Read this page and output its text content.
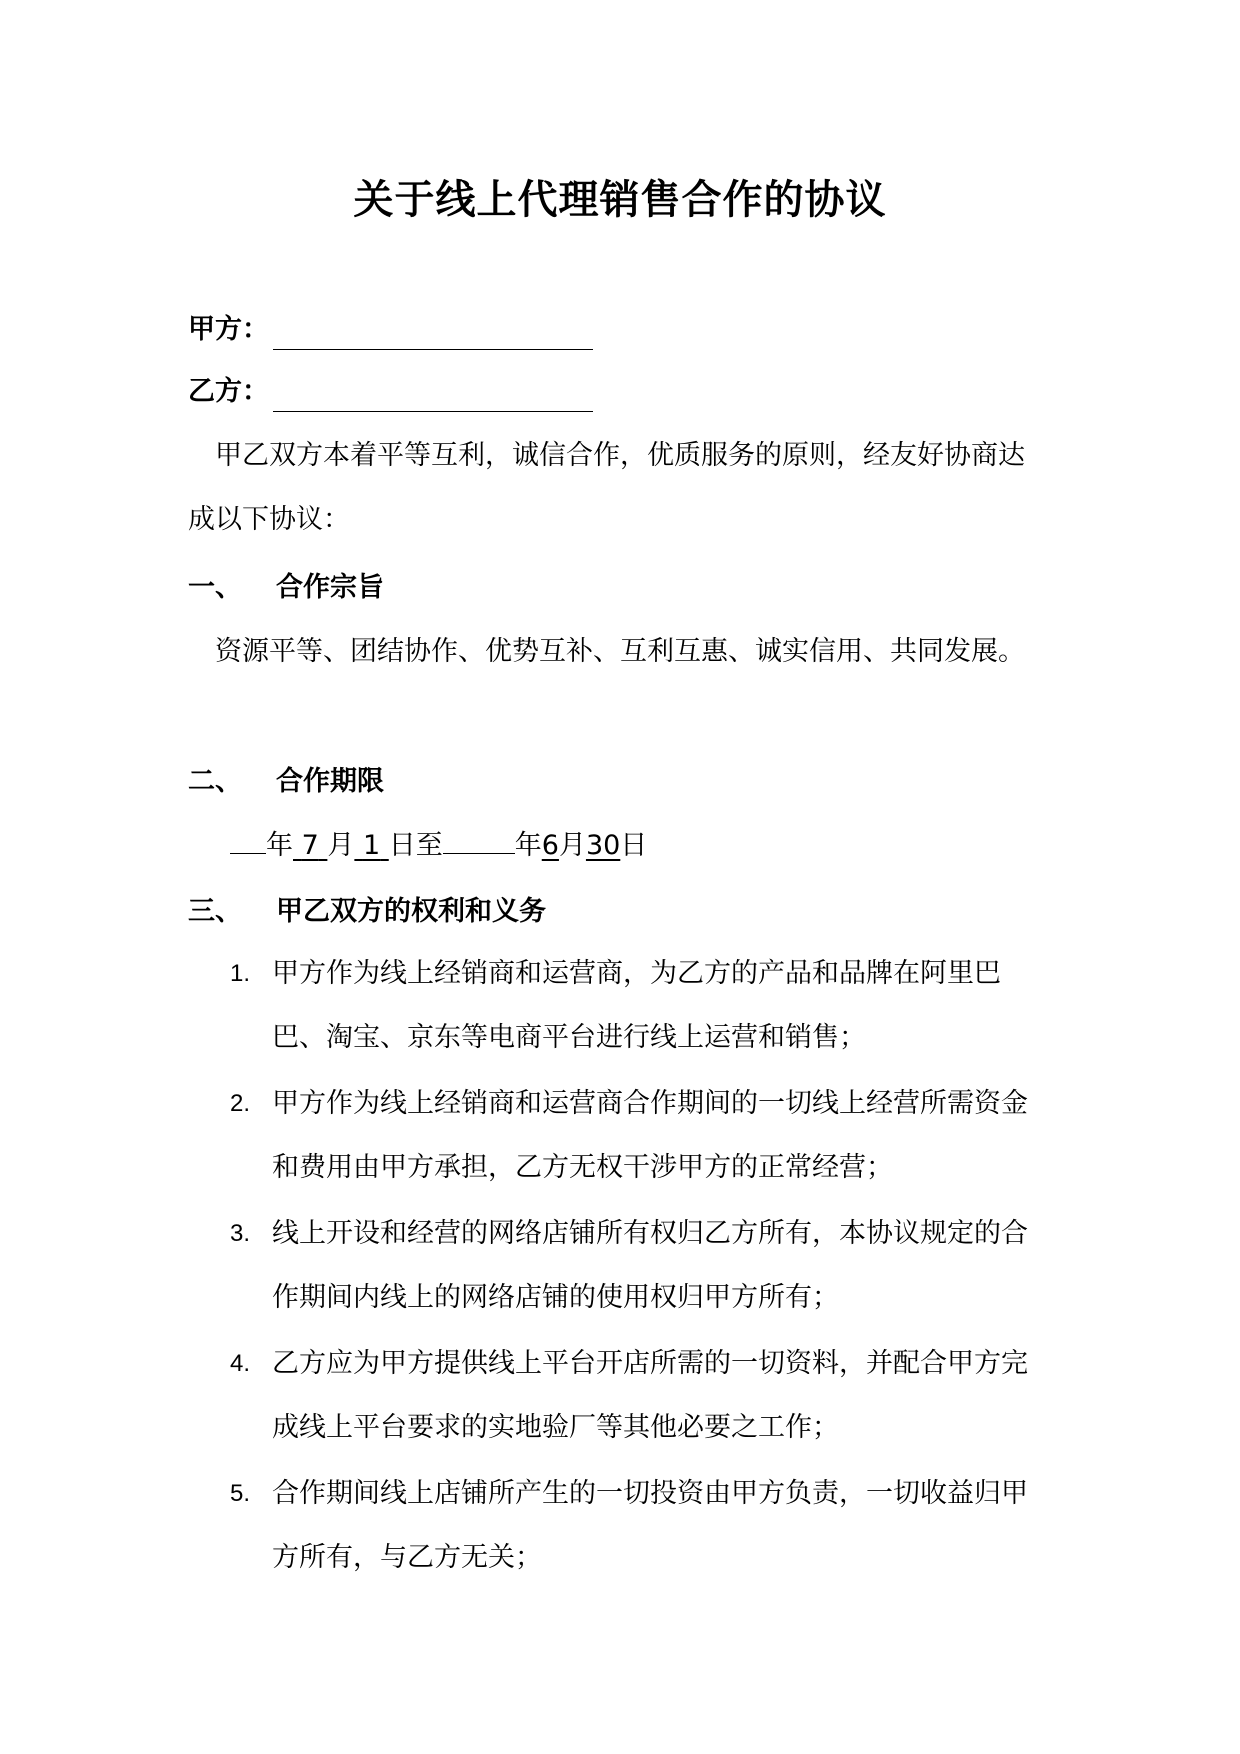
关于线上代理销售合作的协议
甲方：
乙方：
甲乙双方本着平等互利，诚信合作，优质服务的原则，经友好协商达成以下协议：
一、 合作宗旨
资源平等、团结协作、优势互补、互利互惠、诚实信用、共同发展。
二、 合作期限
年 7 月 1 日至	年6月30日
三、 甲乙双方的权利和义务
1. 甲方作为线上经销商和运营商，为乙方的产品和品牌在阿里巴巴、淘宝、京东等电商平台进行线上运营和销售；
2. 甲方作为线上经销商和运营商合作期间的一切线上经营所需资金和费用由甲方承担，乙方无权干涉甲方的正常经营；
3. 线上开设和经营的网络店铺所有权归乙方所有，本协议规定的合作期间内线上的网络店铺的使用权归甲方所有；
4. 乙方应为甲方提供线上平台开店所需的一切资料，并配合甲方完成线上平台要求的实地验厂等其他必要之工作；
5. 合作期间线上店铺所产生的一切投资由甲方负责，一切收益归甲方所有，与乙方无关；
